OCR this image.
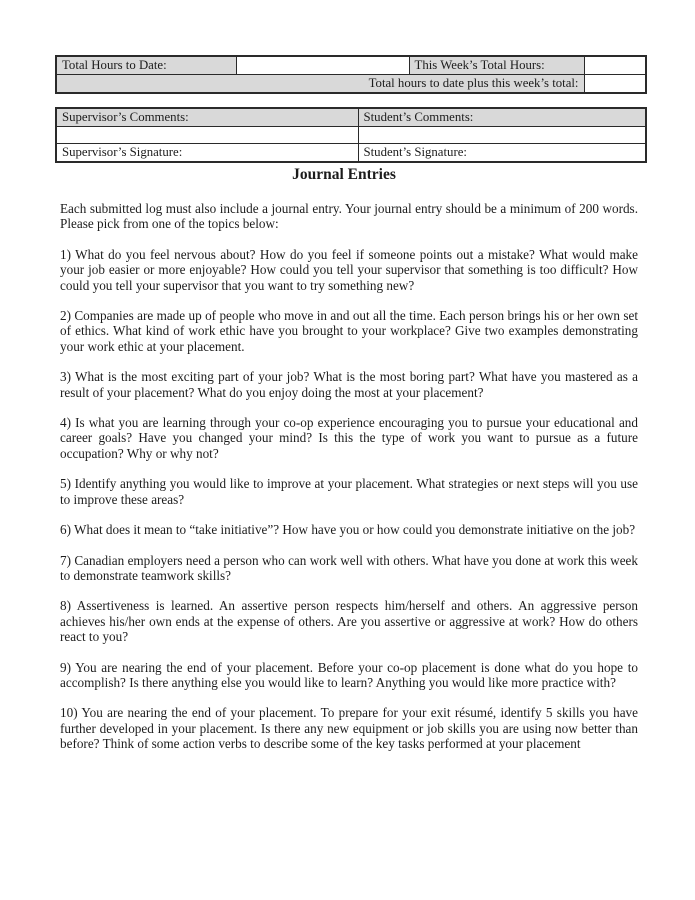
Total Hours to Date:		This Week’s Total Hours:	
Total hours to date plus this week’s total:			
Supervisor’s Comments:	Student’s Comments:

Supervisor’s Signature:	Student’s Signature:
Journal Entries

Each submitted log must also include a journal entry. Your journal entry should be a minimum of 200 words. Please pick from one of the topics below:

1) What do you feel nervous about? How do you feel if someone points out a mistake? What would make your job easier or more enjoyable? How could you tell your supervisor that something is too difficult? How could you tell your supervisor that you want to try something new?

2) Companies are made up of people who move in and out all the time. Each person brings his or her own set of ethics. What kind of work ethic have you brought to your workplace? Give two examples demonstrating your work ethic at your placement.

3) What is the most exciting part of your job? What is the most boring part? What have you mastered as a result of your placement? What do you enjoy doing the most at your placement?

4) Is what you are learning through your co-op experience encouraging you to pursue your educational and career goals? Have you changed your mind? Is this the type of work you want to pursue as a future occupation? Why or why not?

5) Identify anything you would like to improve at your placement. What strategies or next steps will you use to improve these areas?

6) What does it mean to “take initiative”? How have you or how could you demonstrate initiative on the job?

7) Canadian employers need a person who can work well with others. What have you done at work this week to demonstrate teamwork skills?

8) Assertiveness is learned. An assertive person respects him/herself and others. An aggressive person achieves his/her own ends at the expense of others. Are you assertive or aggressive at work? How do others react to you?

9) You are nearing the end of your placement. Before your co-op placement is done what do you hope to accomplish? Is there anything else you would like to learn? Anything you would like more practice with?

10) You are nearing the end of your placement. To prepare for your exit résumé, identify 5 skills you have further developed in your placement. Is there any new equipment or job skills you are using now better than before? Think of some action verbs to describe some of the key tasks performed at your placement
